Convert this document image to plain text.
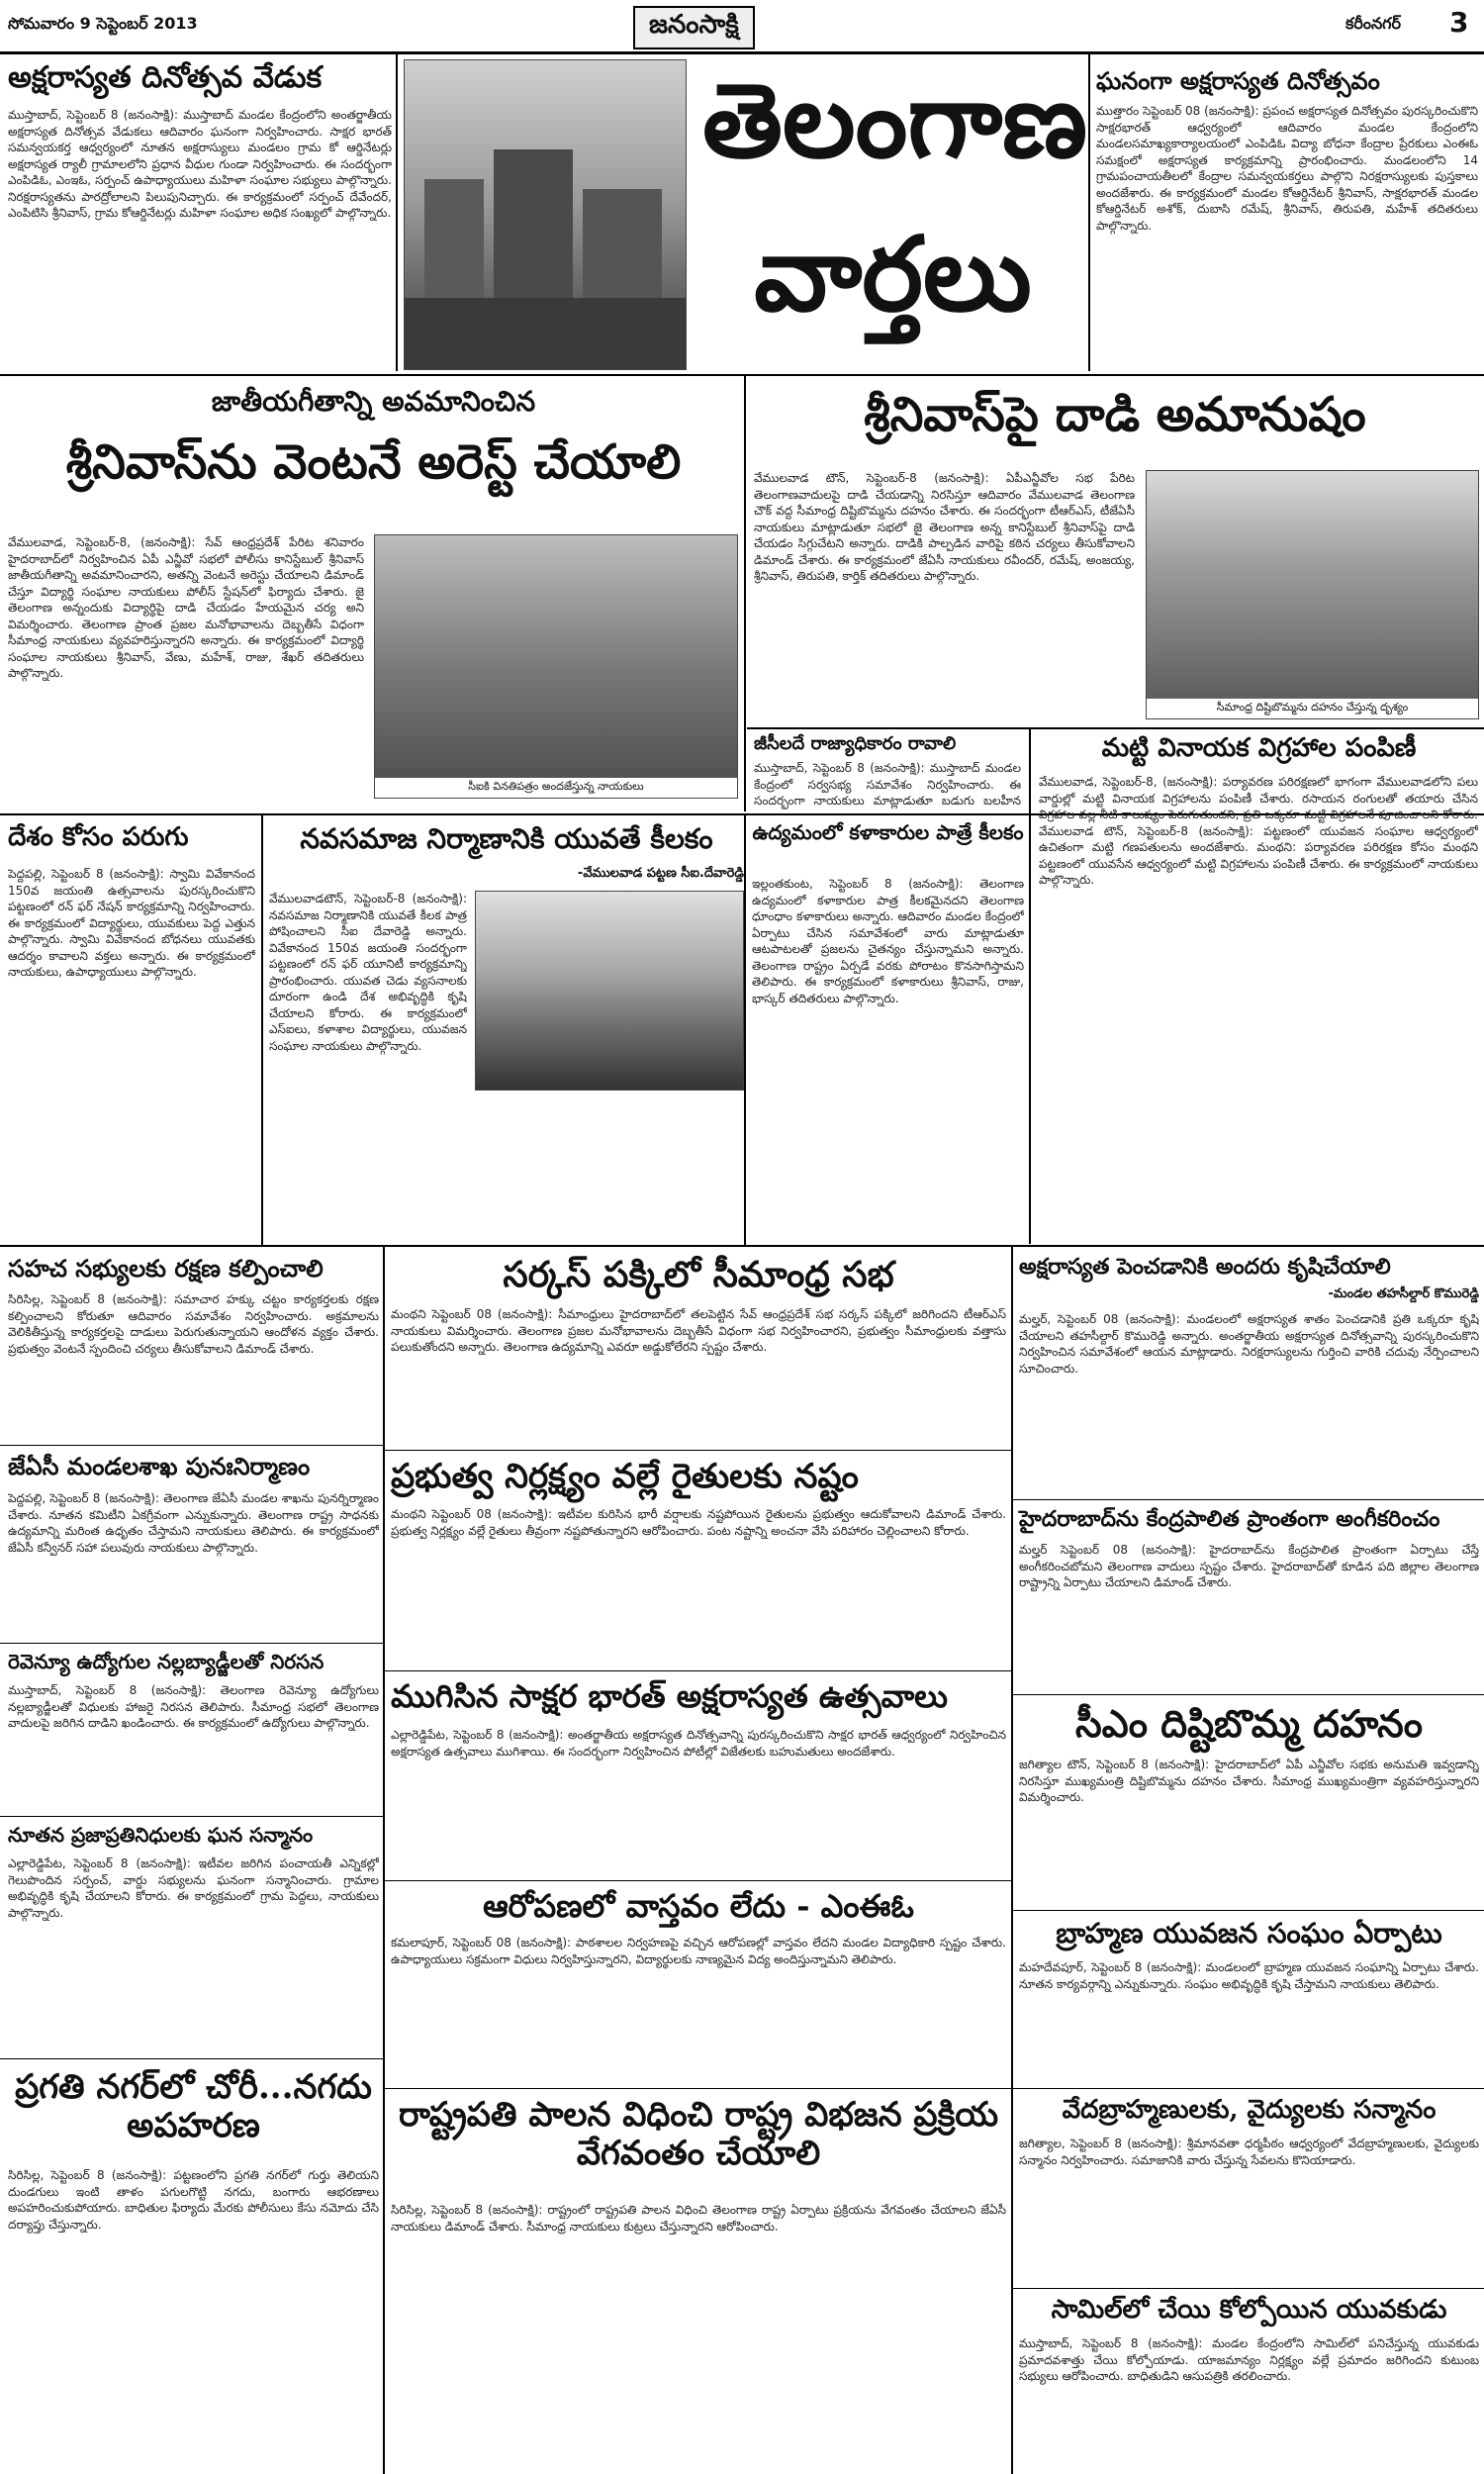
సోమవారం 9 సెప్టెంబర్ 2013	జనంసాక్షి	కరీంనగర్ 3
అక్షరాస్యత దినోత్సవ వేడుక
ముస్తాబాద్, సెప్టెంబర్ 8 (జనంసాక్షి): ముస్తాబాద్ మండల కేంద్రంలోని అంతర్జాతీయ అక్షరాస్యత దినోత్సవ వేడుకలు ఆదివారం ఘనంగా నిర్వహించారు. సాక్షర భారత్ సమన్వయకర్త ఆధ్వర్యంలో నూతన అక్షరాస్యులు మండలం గ్రామ కో ఆర్డినేటర్లు అక్షరాస్యత ర్యాలీ గ్రామాలలోని ప్రధాన వీధుల గుండా నిర్వహించారు. ఈ సందర్భంగా ఎంపిడిఓ, ఎంఇఓ, సర్పంచ్ ఉపాధ్యాయులు మహిళా సంఘాల సభ్యులు పాల్గొన్నారు. నిరక్షరాస్యతను పారద్రోలాలని పిలుపునిచ్చారు. ఈ కార్యక్రమంలో సర్పంచ్ దేవేందర్, ఎంపిటిసి శ్రీనివాస్, గ్రామ కోఆర్డినేటర్లు మహిళా సంఘాల అధిక సంఖ్యలో పాల్గొన్నారు.
తెలంగాణ
వార్తలు
ఘనంగా అక్షరాస్యత దినోత్సవం
ముత్తారం సెప్టెంబర్ 08 (జనంసాక్షి): ప్రపంచ అక్షరాస్యత దినోత్సవం పురస్కరించుకొని సాక్షరభారత్ ఆధ్వర్యంలో ఆదివారం మండల కేంద్రంలోని మండలసమాఖ్యకార్యాలయంలో ఎంపిడిఓ విద్యా బోధనా కేంద్రాల ప్రేరకులు ఎంఈఓ సమక్షంలో అక్షరాస్యత కార్యక్రమాన్ని ప్రారంభించారు. మండలంలోని 14 గ్రామపంచాయతీలలో కేంద్రాల సమన్వయకర్తలు పాల్గొని నిరక్షరాస్యులకు పుస్తకాలు అందజేశారు. ఈ కార్యక్రమంలో మండల కోఆర్డినేటర్ శ్రీనివాస్, సాక్షరభారత్ మండల కోఆర్డినేటర్ అశోక్, దుబాసి రమేష్, శ్రీనివాస్, తిరుపతి, మహేశ్ తదితరులు పాల్గొన్నారు.
జాతీయగీతాన్ని అవమానించిన
శ్రీనివాస్‌ను వెంటనే అరెస్ట్ చేయాలి
వేములవాడ, సెప్టెంబర్-8, (జనంసాక్షి): సేవ్ ఆంధ్రప్రదేశ్ పేరిట శనివారం హైదరాబాద్‌లో నిర్వహించిన ఏపీ ఎన్జీవో సభలో పోలీసు కానిస్టేబుల్ శ్రీనివాస్ జాతీయగీతాన్ని అవమానించారని, అతన్ని వెంటనే అరెస్టు చేయాలని డిమాండ్ చేస్తూ విద్యార్థి సంఘాల నాయకులు పోలీస్ స్టేషన్‌లో ఫిర్యాదు చేశారు. జై తెలంగాణ అన్నందుకు విద్యార్థిపై దాడి చేయడం హేయమైన చర్య అని విమర్శించారు. తెలంగాణ ప్రాంత ప్రజల మనోభావాలను దెబ్బతీసే విధంగా సీమాంధ్ర నాయకులు వ్యవహరిస్తున్నారని అన్నారు. ఈ కార్యక్రమంలో విద్యార్థి సంఘాల నాయకులు శ్రీనివాస్, వేణు, మహేశ్, రాజు, శేఖర్ తదితరులు పాల్గొన్నారు.
సీఐకి వినతిపత్రం అందజేస్తున్న నాయకులు
శ్రీనివాస్‌పై దాడి అమానుషం
వేములవాడ టౌన్, సెప్టెంబర్-8 (జనంసాక్షి): ఏపీఎన్జీవోల సభ పేరిట తెలంగాణవాదులపై దాడి చేయడాన్ని నిరసిస్తూ ఆదివారం వేములవాడ తెలంగాణ చౌక్ వద్ద సీమాంధ్ర దిష్టిబొమ్మను దహనం చేశారు. ఈ సందర్భంగా టీఆర్ఎస్, టీజేఏసీ నాయకులు మాట్లాడుతూ సభలో జై తెలంగాణ అన్న కానిస్టేబుల్ శ్రీనివాస్‌పై దాడి చేయడం సిగ్గుచేటని అన్నారు. దాడికి పాల్పడిన వారిపై కఠిన చర్యలు తీసుకోవాలని డిమాండ్ చేశారు. ఈ కార్యక్రమంలో జేఏసీ నాయకులు రవీందర్, రమేష్, అంజయ్య, శ్రీనివాస్, తిరుపతి, కార్తిక్ తదితరులు పాల్గొన్నారు.
సీమాంధ్ర దిష్టిబొమ్మను దహనం చేస్తున్న దృశ్యం
జీసీలదే రాజ్యాధికారం రావాలి
ముస్తాబాద్, సెప్టెంబర్ 8 (జనంసాక్షి): ముస్తాబాద్ మండల కేంద్రంలో సర్వసభ్య సమావేశం నిర్వహించారు. ఈ సందర్భంగా నాయకులు మాట్లాడుతూ బడుగు బలహీన
మట్టి వినాయక విగ్రహాల పంపిణీ
వేములవాడ, సెప్టెంబర్-8, (జనంసాక్షి): పర్యావరణ పరిరక్షణలో భాగంగా వేములవాడలోని పలు వార్డుల్లో మట్టి వినాయక విగ్రహాలను పంపిణీ చేశారు. రసాయన రంగులతో తయారు చేసిన విగ్రహాల వల్ల నీటి కాలుష్యం పెరుగుతుందని, ప్రతి ఒక్కరూ మట్టి విగ్రహాలనే పూజించాలని కోరారు. వేములవాడ టౌన్, సెప్టెంబర్-8 (జనంసాక్షి): పట్టణంలో యువజన సంఘాల ఆధ్వర్యంలో ఉచితంగా మట్టి గణపతులను అందజేశారు. మంథని: పర్యావరణ పరిరక్షణ కోసం మంథని పట్టణంలో యువసేన ఆధ్వర్యంలో మట్టి విగ్రహాలను పంపిణీ చేశారు. ఈ కార్యక్రమంలో నాయకులు పాల్గొన్నారు.
ఉద్యమంలో కళాకారుల పాత్రే కీలకం
ఇల్లంతకుంట, సెప్టెంబర్ 8 (జనంసాక్షి): తెలంగాణ ఉద్యమంలో కళాకారుల పాత్ర కీలకమైనదని తెలంగాణ ధూంధాం కళాకారులు అన్నారు. ఆదివారం మండల కేంద్రంలో ఏర్పాటు చేసిన సమావేశంలో వారు మాట్లాడుతూ ఆటపాటలతో ప్రజలను చైతన్యం చేస్తున్నామని అన్నారు. తెలంగాణ రాష్ట్రం ఏర్పడే వరకు పోరాటం కొనసాగిస్తామని తెలిపారు. ఈ కార్యక్రమంలో కళాకారులు శ్రీనివాస్, రాజు, భాస్కర్ తదితరులు పాల్గొన్నారు.
దేశం కోసం పరుగు
పెద్దపల్లి, సెప్టెంబర్ 8 (జనంసాక్షి): స్వామి వివేకానంద 150వ జయంతి ఉత్సవాలను పురస్కరించుకొని పట్టణంలో రన్ ఫర్ నేషన్ కార్యక్రమాన్ని నిర్వహించారు. ఈ కార్యక్రమంలో విద్యార్థులు, యువకులు పెద్ద ఎత్తున పాల్గొన్నారు. స్వామి వివేకానంద బోధనలు యువతకు ఆదర్శం కావాలని వక్తలు అన్నారు. ఈ కార్యక్రమంలో నాయకులు, ఉపాధ్యాయులు పాల్గొన్నారు.
నవసమాజ నిర్మాణానికి యువతే కీలకం
-వేములవాడ పట్టణ సీఐ.దేవారెడ్డి
వేములవాడటౌన్, సెప్టెంబర్-8 (జనంసాక్షి): నవసమాజ నిర్మాణానికి యువతే కీలక పాత్ర పోషించాలని సీఐ దేవారెడ్డి అన్నారు. వివేకానంద 150వ జయంతి సందర్భంగా పట్టణంలో రన్ ఫర్ యూనిటీ కార్యక్రమాన్ని ప్రారంభించారు. యువత చెడు వ్యసనాలకు దూరంగా ఉండి దేశ అభివృద్ధికి కృషి చేయాలని కోరారు. ఈ కార్యక్రమంలో ఎస్ఐలు, కళాశాల విద్యార్థులు, యువజన సంఘాల నాయకులు పాల్గొన్నారు.
సహచ సభ్యులకు రక్షణ కల్పించాలి
సిరిసిల్ల, సెప్టెంబర్ 8 (జనంసాక్షి): సమాచార హక్కు చట్టం కార్యకర్తలకు రక్షణ కల్పించాలని కోరుతూ ఆదివారం సమావేశం నిర్వహించారు. అక్రమాలను వెలికితీస్తున్న కార్యకర్తలపై దాడులు పెరుగుతున్నాయని ఆందోళన వ్యక్తం చేశారు. ప్రభుత్వం వెంటనే స్పందించి చర్యలు తీసుకోవాలని డిమాండ్ చేశారు.
జేఏసీ మండలశాఖ పునఃనిర్మాణం
పెద్దపల్లి, సెప్టెంబర్ 8 (జనంసాక్షి): తెలంగాణ జేఏసీ మండల శాఖను పునర్నిర్మాణం చేశారు. నూతన కమిటీని ఏకగ్రీవంగా ఎన్నుకున్నారు. తెలంగాణ రాష్ట్ర సాధనకు ఉద్యమాన్ని మరింత ఉధృతం చేస్తామని నాయకులు తెలిపారు. ఈ కార్యక్రమంలో జేఏసీ కన్వీనర్ సహా పలువురు నాయకులు పాల్గొన్నారు.
రెవెన్యూ ఉద్యోగుల నల్లబ్యాడ్జీలతో నిరసన
ముస్తాబాద్, సెప్టెంబర్ 8 (జనంసాక్షి): తెలంగాణ రెవెన్యూ ఉద్యోగులు నల్లబ్యాడ్జీలతో విధులకు హాజరై నిరసన తెలిపారు. సీమాంధ్ర సభలో తెలంగాణ వాదులపై జరిగిన దాడిని ఖండించారు. ఈ కార్యక్రమంలో ఉద్యోగులు పాల్గొన్నారు.
నూతన ప్రజాప్రతినిధులకు ఘన సన్మానం
ఎల్లారెడ్డిపేట, సెప్టెంబర్ 8 (జనంసాక్షి): ఇటీవల జరిగిన పంచాయతీ ఎన్నికల్లో గెలుపొందిన సర్పంచ్, వార్డు సభ్యులను ఘనంగా సన్మానించారు. గ్రామాల అభివృద్ధికి కృషి చేయాలని కోరారు. ఈ కార్యక్రమంలో గ్రామ పెద్దలు, నాయకులు పాల్గొన్నారు.
ప్రగతి నగర్‌లో చోరీ...నగదు అపహరణ
సిరిసిల్ల, సెప్టెంబర్ 8 (జనంసాక్షి): పట్టణంలోని ప్రగతి నగర్‌లో గుర్తు తెలియని దుండగులు ఇంటి తాళం పగులగొట్టి నగదు, బంగారు ఆభరణాలు అపహరించుకుపోయారు. బాధితుల ఫిర్యాదు మేరకు పోలీసులు కేసు నమోదు చేసి దర్యాప్తు చేస్తున్నారు.
సర్కస్ పక్కిలో సీమాంధ్ర సభ
మంథని సెప్టెంబర్ 08 (జనంసాక్షి): సీమాంధ్రులు హైదరాబాద్‌లో తలపెట్టిన సేవ్ ఆంధ్రప్రదేశ్ సభ సర్కస్ పక్కిలో జరిగిందని టీఆర్ఎస్ నాయకులు విమర్శించారు. తెలంగాణ ప్రజల మనోభావాలను దెబ్బతీసే విధంగా సభ నిర్వహించారని, ప్రభుత్వం సీమాంధ్రులకు వత్తాసు పలుకుతోందని అన్నారు. తెలంగాణ ఉద్యమాన్ని ఎవరూ అడ్డుకోలేరని స్పష్టం చేశారు.
ప్రభుత్వ నిర్లక్ష్యం వల్లే రైతులకు నష్టం
మంథని సెప్టెంబర్ 08 (జనంసాక్షి): ఇటీవల కురిసిన భారీ వర్షాలకు నష్టపోయిన రైతులను ప్రభుత్వం ఆదుకోవాలని డిమాండ్ చేశారు. ప్రభుత్వ నిర్లక్ష్యం వల్లే రైతులు తీవ్రంగా నష్టపోతున్నారని ఆరోపించారు. పంట నష్టాన్ని అంచనా వేసి పరిహారం చెల్లించాలని కోరారు.
ముగిసిన సాక్షర భారత్ అక్షరాస్యత ఉత్సవాలు
ఎల్లారెడ్డిపేట, సెప్టెంబర్ 8 (జనంసాక్షి): అంతర్జాతీయ అక్షరాస్యత దినోత్సవాన్ని పురస్కరించుకొని సాక్షర భారత్ ఆధ్వర్యంలో నిర్వహించిన అక్షరాస్యత ఉత్సవాలు ముగిశాయి. ఈ సందర్భంగా నిర్వహించిన పోటీల్లో విజేతలకు బహుమతులు అందజేశారు.
ఆరోపణలో వాస్తవం లేదు - ఎంఈఓ
కమలాపూర్, సెప్టెంబర్ 08 (జనంసాక్షి): పాఠశాలల నిర్వహణపై వచ్చిన ఆరోపణల్లో వాస్తవం లేదని మండల విద్యాధికారి స్పష్టం చేశారు. ఉపాధ్యాయులు సక్రమంగా విధులు నిర్వహిస్తున్నారని, విద్యార్థులకు నాణ్యమైన విద్య అందిస్తున్నామని తెలిపారు.
రాష్ట్రపతి పాలన విధించి రాష్ట్ర విభజన ప్రక్రియ వేగవంతం చేయాలి
సిరిసిల్ల, సెప్టెంబర్ 8 (జనంసాక్షి): రాష్ట్రంలో రాష్ట్రపతి పాలన విధించి తెలంగాణ రాష్ట్ర ఏర్పాటు ప్రక్రియను వేగవంతం చేయాలని జేఏసీ నాయకులు డిమాండ్ చేశారు. సీమాంధ్ర నాయకులు కుట్రలు చేస్తున్నారని ఆరోపించారు.
అక్షరాస్యత పెంచడానికి అందరు కృషిచేయాలి
-మండల తహసీల్దార్ కొమురెడ్డి
మల్హర్, సెప్టెంబర్ 08 (జనంసాక్షి): మండలంలో అక్షరాస్యత శాతం పెంచడానికి ప్రతి ఒక్కరూ కృషి చేయాలని తహసీల్దార్ కొమురెడ్డి అన్నారు. అంతర్జాతీయ అక్షరాస్యత దినోత్సవాన్ని పురస్కరించుకొని నిర్వహించిన సమావేశంలో ఆయన మాట్లాడారు. నిరక్షరాస్యులను గుర్తించి వారికి చదువు నేర్పించాలని సూచించారు.
హైదరాబాద్‌ను కేంద్రపాలిత ప్రాంతంగా అంగీకరించం
మల్హర్ సెప్టెంబర్ 08 (జనంసాక్షి): హైదరాబాద్‌ను కేంద్రపాలిత ప్రాంతంగా ఏర్పాటు చేస్తే అంగీకరించబోమని తెలంగాణ వాదులు స్పష్టం చేశారు. హైదరాబాద్‌తో కూడిన పది జిల్లాల తెలంగాణ రాష్ట్రాన్ని ఏర్పాటు చేయాలని డిమాండ్ చేశారు.
సీఎం దిష్టిబొమ్మ దహనం
జగిత్యాల టౌన్, సెప్టెంబర్ 8 (జనంసాక్షి): హైదరాబాద్‌లో ఏపీ ఎన్జీవోల సభకు అనుమతి ఇవ్వడాన్ని నిరసిస్తూ ముఖ్యమంత్రి దిష్టిబొమ్మను దహనం చేశారు. సీమాంధ్ర ముఖ్యమంత్రిగా వ్యవహరిస్తున్నారని విమర్శించారు.
బ్రాహ్మణ యువజన సంఘం ఏర్పాటు
మహదేవపూర్, సెప్టెంబర్ 8 (జనంసాక్షి): మండలంలో బ్రాహ్మణ యువజన సంఘాన్ని ఏర్పాటు చేశారు. నూతన కార్యవర్గాన్ని ఎన్నుకున్నారు. సంఘం అభివృద్ధికి కృషి చేస్తామని నాయకులు తెలిపారు.
వేదబ్రాహ్మణులకు, వైద్యులకు సన్మానం
జగిత్యాల, సెప్టెంబర్ 8 (జనంసాక్షి): శ్రీమానవతా ధర్మపీఠం ఆధ్వర్యంలో వేదబ్రాహ్మణులకు, వైద్యులకు సన్మానం నిర్వహించారు. సమాజానికి వారు చేస్తున్న సేవలను కొనియాడారు.
సామిల్‌లో చేయి కోల్పోయిన యువకుడు
ముస్తాబాద్, సెప్టెంబర్ 8 (జనంసాక్షి): మండల కేంద్రంలోని సామిల్‌లో పనిచేస్తున్న యువకుడు ప్రమాదవశాత్తు చేయి కోల్పోయాడు. యాజమాన్యం నిర్లక్ష్యం వల్లే ప్రమాదం జరిగిందని కుటుంబ సభ్యులు ఆరోపించారు. బాధితుడిని ఆసుపత్రికి తరలించారు.
